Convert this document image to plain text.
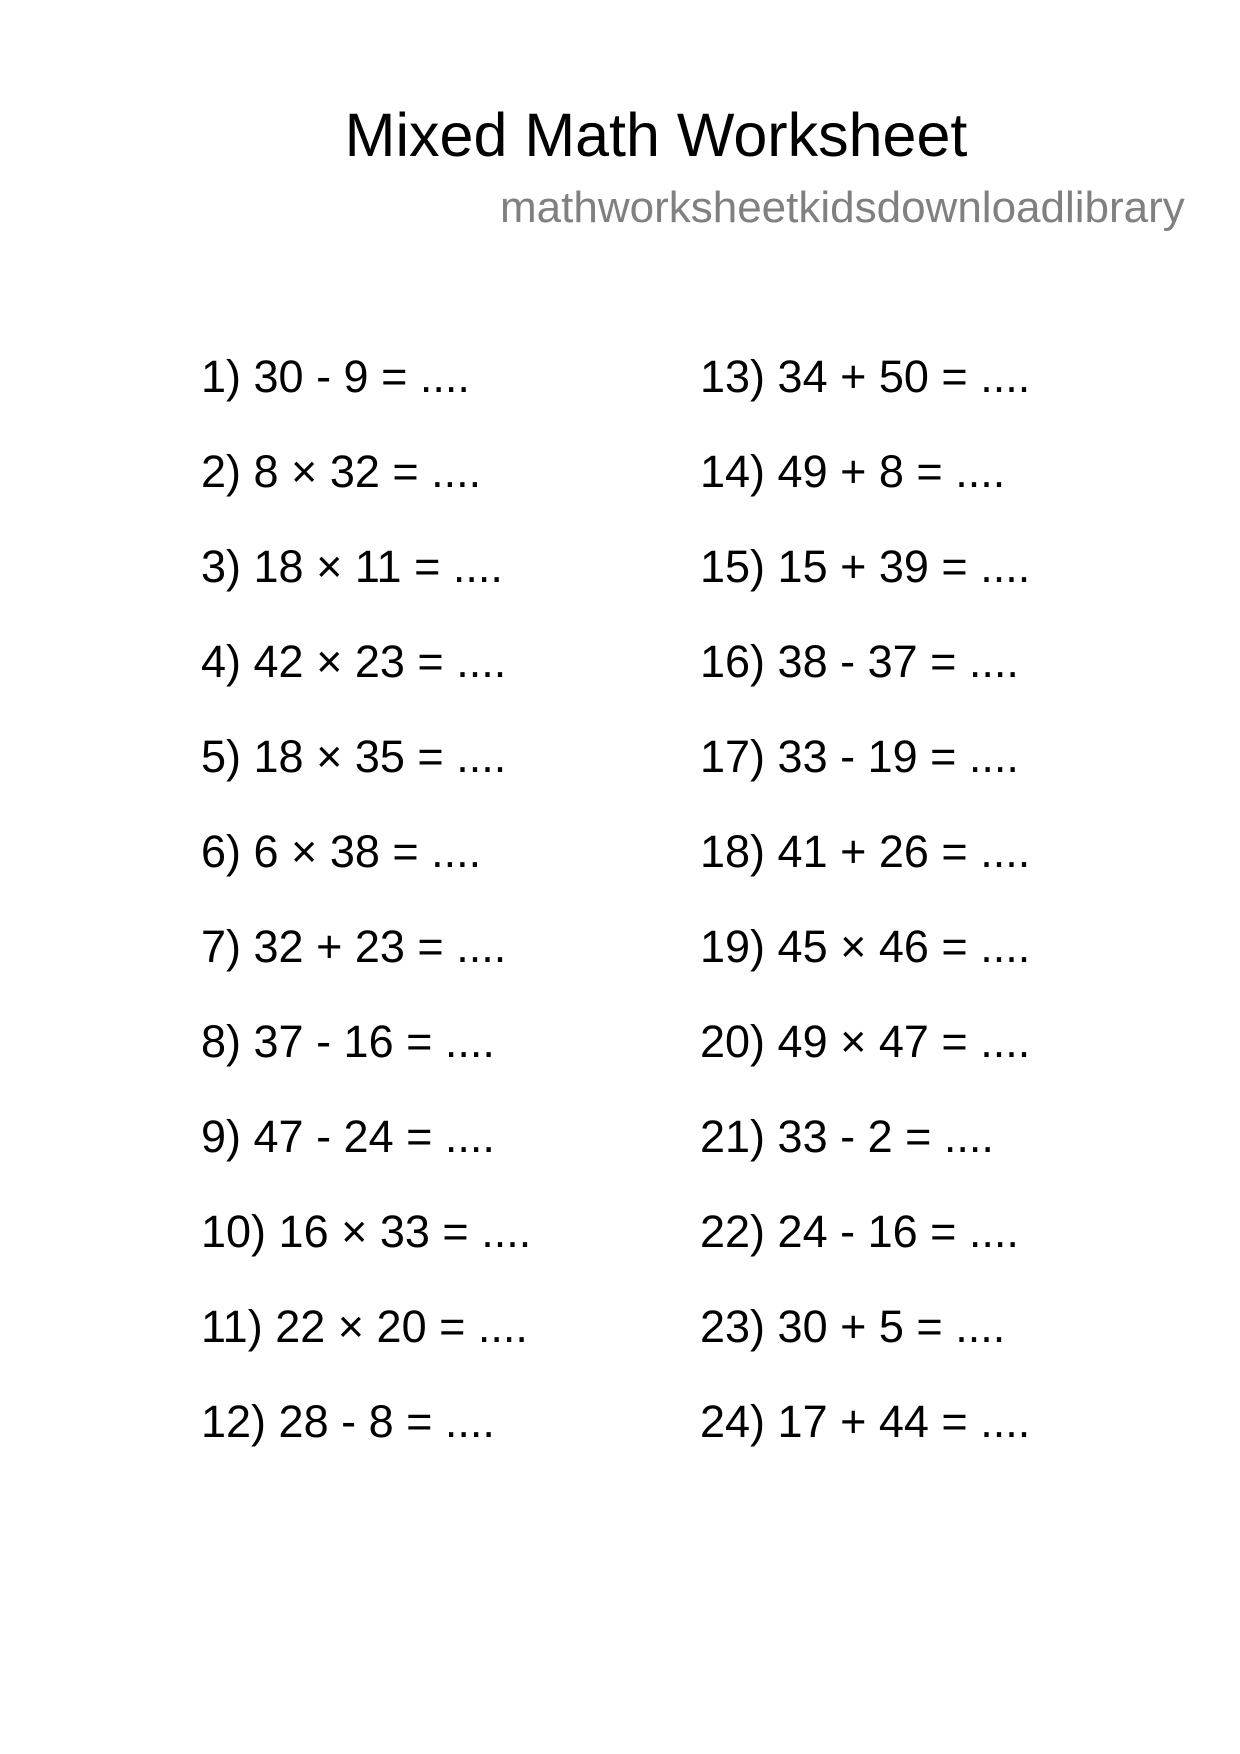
Mixed Math Worksheet
mathworksheetkidsdownloadlibrary
1) 30 - 9 = ....
2) 8 × 32 = ....
3) 18 × 11 = ....
4) 42 × 23 = ....
5) 18 × 35 = ....
6) 6 × 38 = ....
7) 32 + 23 = ....
8) 37 - 16 = ....
9) 47 - 24 = ....
10) 16 × 33 = ....
11) 22 × 20 = ....
12) 28 - 8 = ....
13) 34 + 50 = ....
14) 49 + 8 = ....
15) 15 + 39 = ....
16) 38 - 37 = ....
17) 33 - 19 = ....
18) 41 + 26 = ....
19) 45 × 46 = ....
20) 49 × 47 = ....
21) 33 - 2 = ....
22) 24 - 16 = ....
23) 30 + 5 = ....
24) 17 + 44 = ....
